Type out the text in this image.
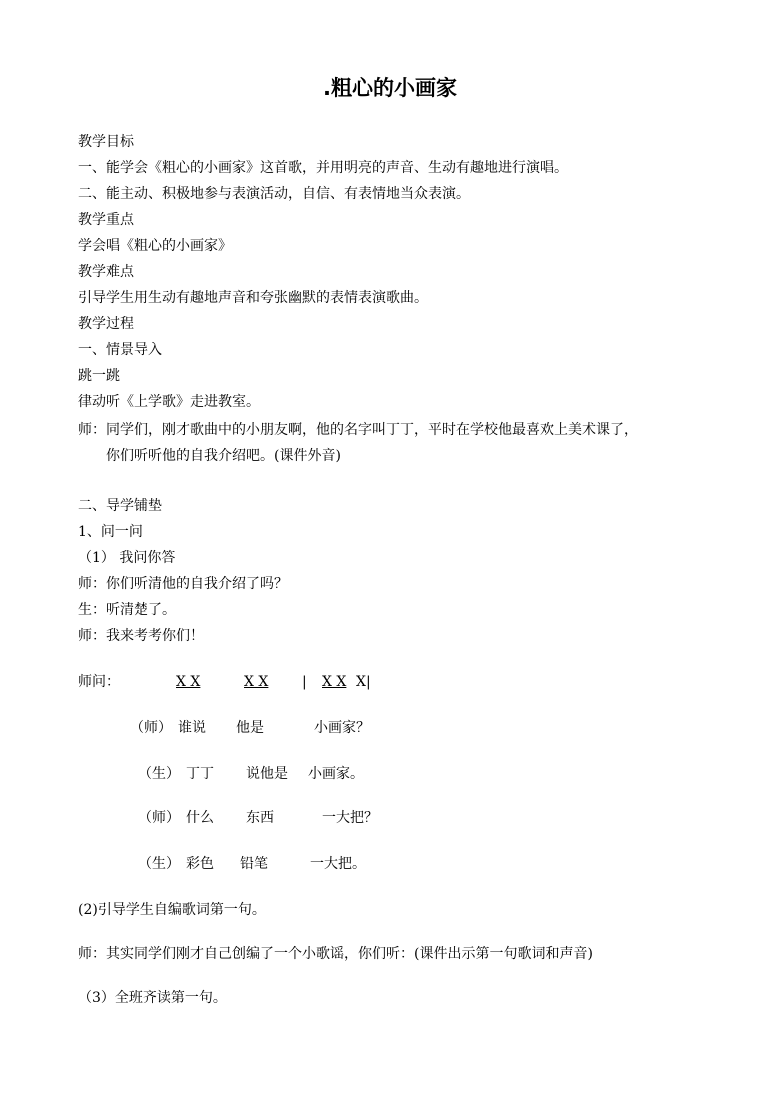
.粗心的小画家
教学目标
一、能学会《粗心的小画家》这首歌，并用明亮的声音、生动有趣地进行演唱。
二、能主动、积极地参与表演活动，自信、有表情地当众表演。
教学重点
学会唱《粗心的小画家》
教学难点
引导学生用生动有趣地声音和夸张幽默的表情表演歌曲。
教学过程
一、情景导入
跳一跳
律动听《上学歌》走进教室。
师：同学们，刚才歌曲中的小朋友啊，他的名字叫丁丁，平时在学校他最喜欢上美术课了，
你们听听他的自我介绍吧。(课件外音)
二、导学铺垫
1、问一问
（1） 我问你答
师：你们听清他的自我介绍了吗？
生：听清楚了。
师：我来考考你们！
师问：	X X	X X | X X X|
（师） 谁说 他是	小画家？
（生） 丁丁 说他是 小画家。
（师） 什么 东西	一大把？
（生） 彩色 铅笔	一大把。
(2)引导学生自编歌词第一句。
师：其实同学们刚才自己创编了一个小歌谣，你们听：(课件出示第一句歌词和声音)
（3）全班齐读第一句。
